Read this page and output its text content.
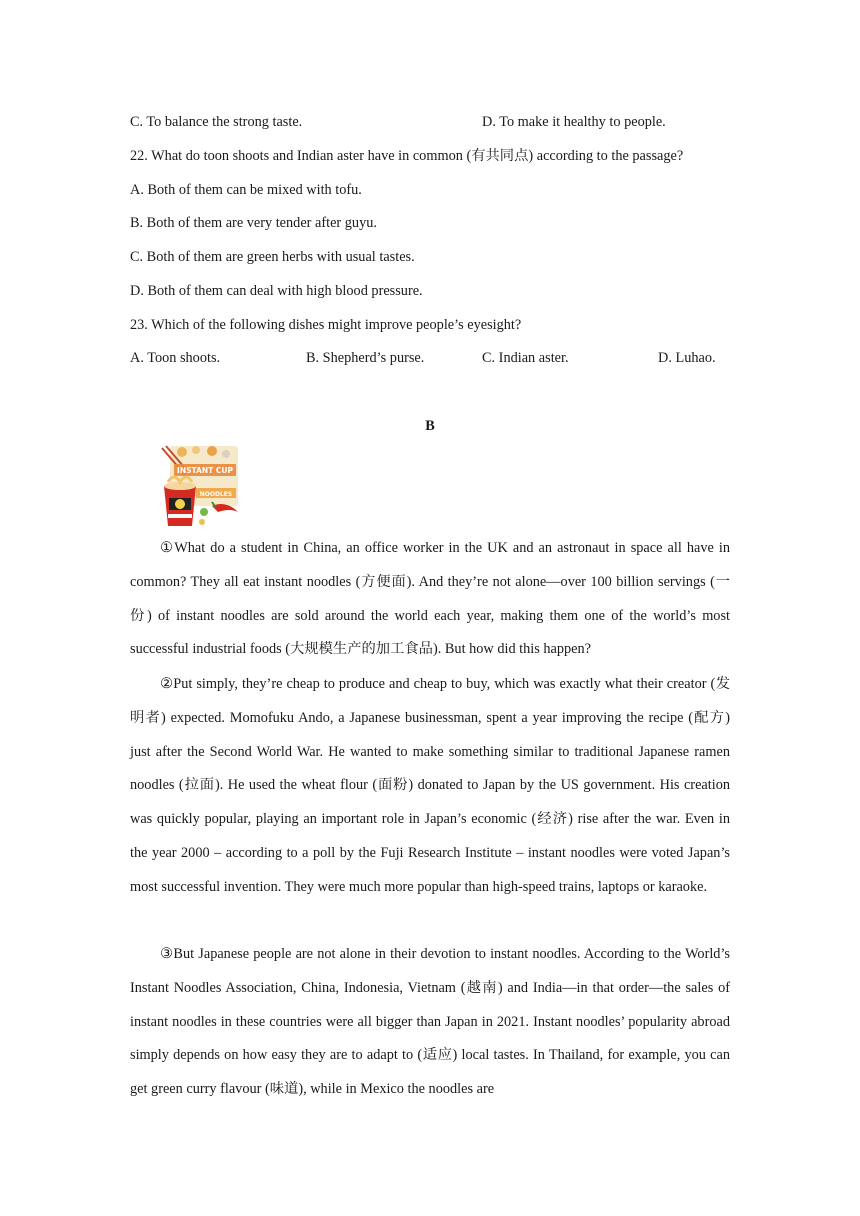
C. To balance the strong taste.	D. To make it healthy to people.
22. What do toon shoots and Indian aster have in common (有共同点) according to the passage?
A. Both of them can be mixed with tofu.
B. Both of them are very tender after guyu.
C. Both of them are green herbs with usual tastes.
D. Both of them can deal with high blood pressure.
23. Which of the following dishes might improve people’s eyesight?
A. Toon shoots.	B. Shepherd’s purse.	C. Indian aster.	D. Luhao.
B
INSTANT CUP
NOODLES
①What do a student in China, an office worker in the UK and an astronaut in space all have in common? They all eat instant noodles (方便面). And they’re not alone—over 100 billion servings (一份) of instant noodles are sold around the world each year, making them one of the world’s most successful industrial foods (大规模生产的加工食品). But how did this happen?
②Put simply, they’re cheap to produce and cheap to buy, which was exactly what their creator (发明者) expected. Momofuku Ando, a Japanese businessman, spent a year improving the recipe (配方) just after the Second World War. He wanted to make something similar to traditional Japanese ramen noodles (拉面). He used the wheat flour (面粉) donated to Japan by the US government. His creation was quickly popular, playing an important role in Japan’s economic (经济) rise after the war. Even in the year 2000 – according to a poll by the Fuji Research Institute – instant noodles were voted Japan’s most successful invention. They were much more popular than high-speed trains, laptops or karaoke.
③But Japanese people are not alone in their devotion to instant noodles. According to the World’s Instant Noodles Association, China, Indonesia, Vietnam (越南) and India—in that order—the sales of instant noodles in these countries were all bigger than Japan in 2021. Instant noodles’ popularity abroad simply depends on how easy they are to adapt to (适应) local tastes. In Thailand, for example, you can get green curry flavour (味道), while in Mexico the noodles are
